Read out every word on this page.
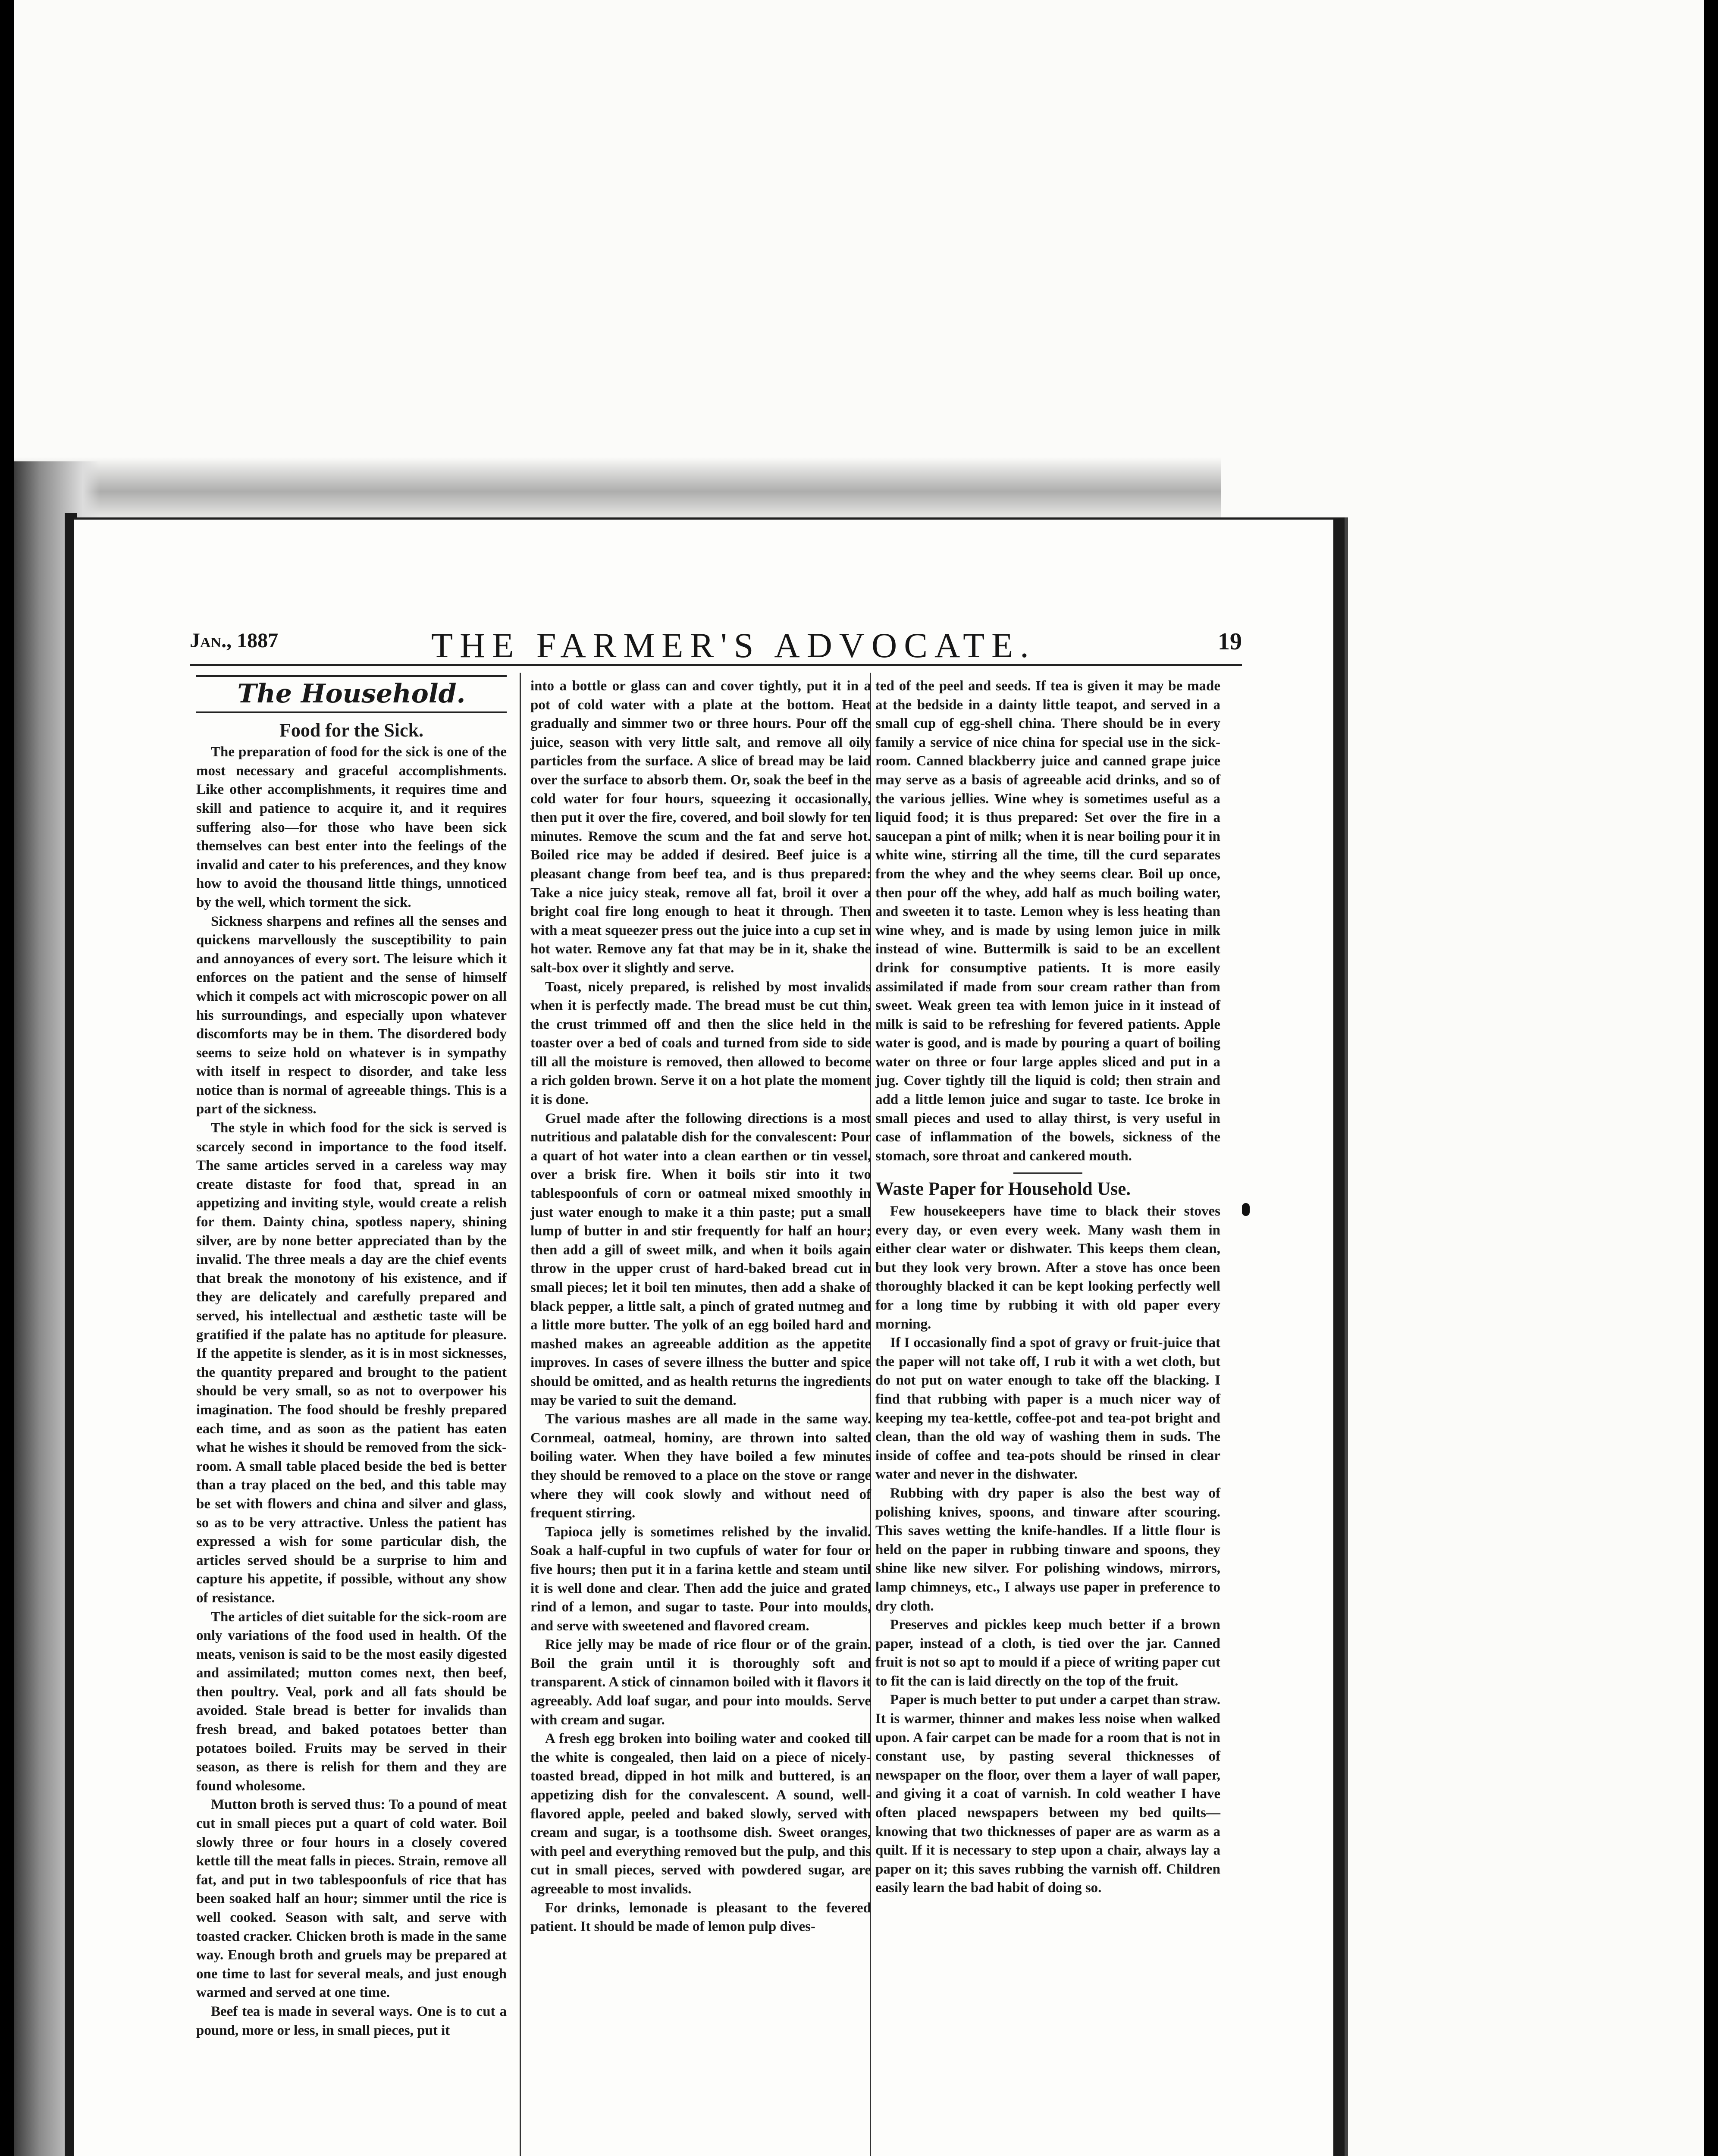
Jan., 1887	THE FARMER'S ADVOCATE.	19
The Household.
Food for the Sick.

The preparation of food for the sick is one of the most necessary and graceful accomplishments. Like other accomplishments, it requires time and skill and patience to acquire it, and it requires suffering also—for those who have been sick themselves can best enter into the feelings of the invalid and cater to his preferences, and they know how to avoid the thousand little things, unnoticed by the well, which torment the sick.

Sickness sharpens and refines all the senses and quickens marvellously the susceptibility to pain and annoyances of every sort. The leisure which it enforces on the patient and the sense of himself which it compels act with microscopic power on all his surroundings, and especially upon whatever discomforts may be in them. The disordered body seems to seize hold on whatever is in sympathy with itself in respect to disorder, and take less notice than is normal of agreeable things. This is a part of the sickness.

The style in which food for the sick is served is scarcely second in importance to the food itself. The same articles served in a careless way may create distaste for food that, spread in an appetizing and inviting style, would create a relish for them. Dainty china, spotless napery, shining silver, are by none better appreciated than by the invalid. The three meals a day are the chief events that break the monotony of his existence, and if they are delicately and carefully prepared and served, his intellectual and æsthetic taste will be gratified if the palate has no aptitude for pleasure. If the appetite is slender, as it is in most sicknesses, the quantity prepared and brought to the patient should be very small, so as not to overpower his imagination. The food should be freshly prepared each time, and as soon as the patient has eaten what he wishes it should be removed from the sick-room. A small table placed beside the bed is better than a tray placed on the bed, and this table may be set with flowers and china and silver and glass, so as to be very attractive. Unless the patient has expressed a wish for some particular dish, the articles served should be a surprise to him and capture his appetite, if possible, without any show of resistance.

The articles of diet suitable for the sick-room are only variations of the food used in health. Of the meats, venison is said to be the most easily digested and assimilated; mutton comes next, then beef, then poultry. Veal, pork and all fats should be avoided. Stale bread is better for invalids than fresh bread, and baked potatoes better than potatoes boiled. Fruits may be served in their season, as there is relish for them and they are found wholesome.

Mutton broth is served thus: To a pound of meat cut in small pieces put a quart of cold water. Boil slowly three or four hours in a closely covered kettle till the meat falls in pieces. Strain, remove all fat, and put in two tablespoonfuls of rice that has been soaked half an hour; simmer until the rice is well cooked. Season with salt, and serve with toasted cracker. Chicken broth is made in the same way. Enough broth and gruels may be prepared at one time to last for several meals, and just enough warmed and served at one time.

Beef tea is made in several ways. One is to cut a pound, more or less, in small pieces, put it

into a bottle or glass can and cover tightly, put it in a pot of cold water with a plate at the bottom. Heat gradually and simmer two or three hours. Pour off the juice, season with very little salt, and remove all oily particles from the surface. A slice of bread may be laid over the surface to absorb them. Or, soak the beef in the cold water for four hours, squeezing it occasionally, then put it over the fire, covered, and boil slowly for ten minutes. Remove the scum and the fat and serve hot. Boiled rice may be added if desired. Beef juice is a pleasant change from beef tea, and is thus prepared: Take a nice juicy steak, remove all fat, broil it over a bright coal fire long enough to heat it through. Then with a meat squeezer press out the juice into a cup set in hot water. Remove any fat that may be in it, shake the salt-box over it slightly and serve.

Toast, nicely prepared, is relished by most invalids when it is perfectly made. The bread must be cut thin, the crust trimmed off and then the slice held in the toaster over a bed of coals and turned from side to side till all the moisture is removed, then allowed to become a rich golden brown. Serve it on a hot plate the moment it is done.

Gruel made after the following directions is a most nutritious and palatable dish for the convalescent: Pour a quart of hot water into a clean earthen or tin vessel, over a brisk fire. When it boils stir into it two tablespoonfuls of corn or oatmeal mixed smoothly in just water enough to make it a thin paste; put a small lump of butter in and stir frequently for half an hour; then add a gill of sweet milk, and when it boils again throw in the upper crust of hard-baked bread cut in small pieces; let it boil ten minutes, then add a shake of black pepper, a little salt, a pinch of grated nutmeg and a little more butter. The yolk of an egg boiled hard and mashed makes an agreeable addition as the appetite improves. In cases of severe illness the butter and spice should be omitted, and as health returns the ingredients may be varied to suit the demand.

The various mashes are all made in the same way. Cornmeal, oatmeal, hominy, are thrown into salted boiling water. When they have boiled a few minutes they should be removed to a place on the stove or range where they will cook slowly and without need of frequent stirring.

Tapioca jelly is sometimes relished by the invalid. Soak a half-cupful in two cupfuls of water for four or five hours; then put it in a farina kettle and steam until it is well done and clear. Then add the juice and grated rind of a lemon, and sugar to taste. Pour into moulds, and serve with sweetened and flavored cream.

Rice jelly may be made of rice flour or of the grain. Boil the grain until it is thoroughly soft and transparent. A stick of cinnamon boiled with it flavors it agreeably. Add loaf sugar, and pour into moulds. Serve with cream and sugar.

A fresh egg broken into boiling water and cooked till the white is congealed, then laid on a piece of nicely-toasted bread, dipped in hot milk and buttered, is an appetizing dish for the convalescent. A sound, well-flavored apple, peeled and baked slowly, served with cream and sugar, is a toothsome dish. Sweet oranges, with peel and everything removed but the pulp, and this cut in small pieces, served with powdered sugar, are agreeable to most invalids.

For drinks, lemonade is pleasant to the fevered patient. It should be made of lemon pulp dives-

ted of the peel and seeds. If tea is given it may be made at the bedside in a dainty little teapot, and served in a small cup of egg-shell china. There should be in every family a service of nice china for special use in the sick-room. Canned blackberry juice and canned grape juice may serve as a basis of agreeable acid drinks, and so of the various jellies. Wine whey is sometimes useful as a liquid food; it is thus prepared: Set over the fire in a saucepan a pint of milk; when it is near boiling pour it in white wine, stirring all the time, till the curd separates from the whey and the whey seems clear. Boil up once, then pour off the whey, add half as much boiling water, and sweeten it to taste. Lemon whey is less heating than wine whey, and is made by using lemon juice in milk instead of wine. Buttermilk is said to be an excellent drink for consumptive patients. It is more easily assimilated if made from sour cream rather than from sweet. Weak green tea with lemon juice in it instead of milk is said to be refreshing for fevered patients. Apple water is good, and is made by pouring a quart of boiling water on three or four large apples sliced and put in a jug. Cover tightly till the liquid is cold; then strain and add a little lemon juice and sugar to taste. Ice broke in small pieces and used to allay thirst, is very useful in case of inflammation of the bowels, sickness of the stomach, sore throat and cankered mouth.

Waste Paper for Household Use.

Few housekeepers have time to black their stoves every day, or even every week. Many wash them in either clear water or dishwater. This keeps them clean, but they look very brown. After a stove has once been thoroughly blacked it can be kept looking perfectly well for a long time by rubbing it with old paper every morning.

If I occasionally find a spot of gravy or fruit-juice that the paper will not take off, I rub it with a wet cloth, but do not put on water enough to take off the blacking. I find that rubbing with paper is a much nicer way of keeping my tea-kettle, coffee-pot and tea-pot bright and clean, than the old way of washing them in suds. The inside of coffee and tea-pots should be rinsed in clear water and never in the dishwater.

Rubbing with dry paper is also the best way of polishing knives, spoons, and tinware after scouring. This saves wetting the knife-handles. If a little flour is held on the paper in rubbing tinware and spoons, they shine like new silver. For polishing windows, mirrors, lamp chimneys, etc., I always use paper in preference to dry cloth.

Preserves and pickles keep much better if a brown paper, instead of a cloth, is tied over the jar. Canned fruit is not so apt to mould if a piece of writing paper cut to fit the can is laid directly on the top of the fruit.

Paper is much better to put under a carpet than straw. It is warmer, thinner and makes less noise when walked upon. A fair carpet can be made for a room that is not in constant use, by pasting several thicknesses of newspaper on the floor, over them a layer of wall paper, and giving it a coat of varnish. In cold weather I have often placed newspapers between my bed quilts—knowing that two thicknesses of paper are as warm as a quilt. If it is necessary to step upon a chair, always lay a paper on it; this saves rubbing the varnish off. Children easily learn the bad habit of doing so.
